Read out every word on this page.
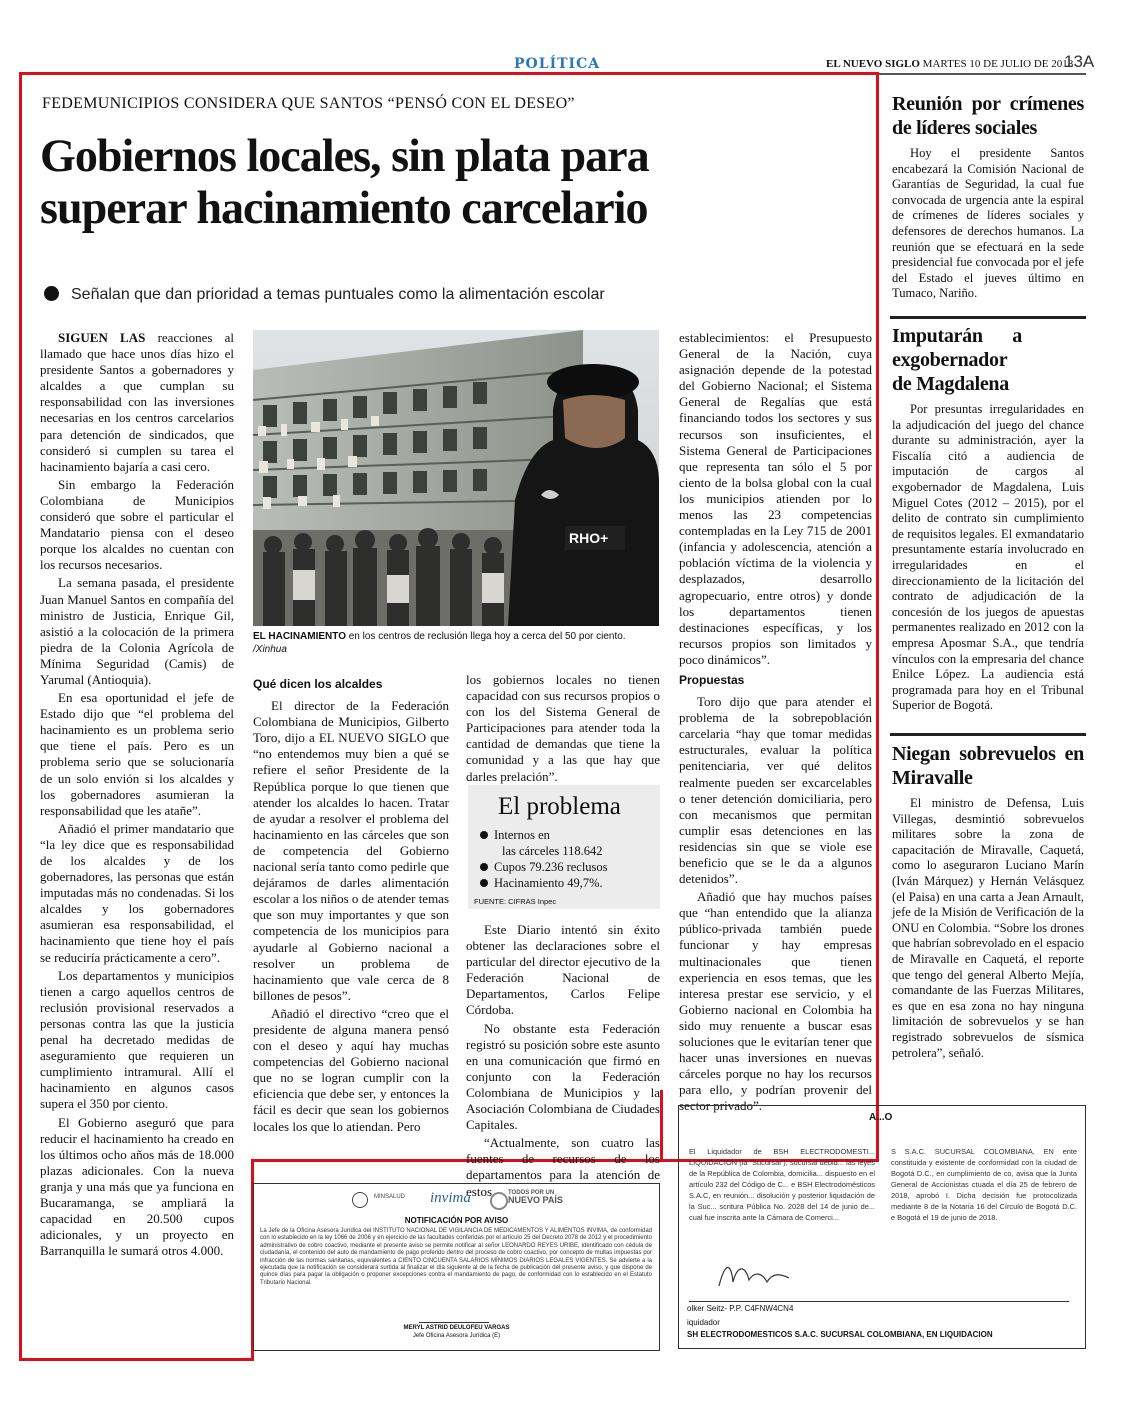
POLÍTICA	EL NUEVO SIGLO MARTES 10 DE JULIO DE 2018
13A
FEDEMUNICIPIOS CONSIDERA QUE SANTOS “PENSÓ CON EL DESEO”
Gobiernos locales, sin plata para
superar hacinamiento carcelario
Señalan que dan prioridad a temas puntuales como la alimentación escolar

SIGUEN LAS reacciones al llamado que hace unos días hizo el presidente Santos a gobernadores y alcaldes a que cumplan su responsabilidad con las inversiones necesarias en los centros carcelarios para detención de sindicados, que consideró si cumplen su tarea el hacinamiento bajaría a casi cero.

Sin embargo la Federación Colombiana de Municipios consideró que sobre el particular el Mandatario piensa con el deseo porque los alcaldes no cuentan con los recursos necesarios.

La semana pasada, el presidente Juan Manuel Santos en compañía del ministro de Justicia, Enrique Gil, asistió a la colocación de la primera piedra de la Colonia Agrícola de Mínima Seguridad (Camis) de Yarumal (Antioquia).

En esa oportunidad el jefe de Estado dijo que “el problema del hacinamiento es un problema serio que tiene el país. Pero es un problema serio que se solucionaría de un solo envión si los alcaldes y los gobernadores asumieran la responsabilidad que les atañe”.

Añadió el primer mandatario que “la ley dice que es responsabilidad de los alcaldes y de los gobernadores, las personas que están imputadas más no condenadas. Si los alcaldes y los gobernadores asumieran esa responsabilidad, el hacinamiento que tiene hoy el país se reduciría prácticamente a cero”.

Los departamentos y municipios tienen a cargo aquellos centros de reclusión provisional reservados a personas contra las que la justicia penal ha decretado medidas de aseguramiento que requieren un cumplimiento intramural. Allí el hacinamiento en algunos casos supera el 350 por ciento.

El Gobierno aseguró que para reducir el hacinamiento ha creado en los últimos ocho años más de 18.000 plazas adicionales. Con la nueva granja y una más que ya funciona en Bucaramanga, se ampliará la capacidad en 20.500 cupos adicionales, y un proyecto en Barranquilla le sumará otros 4.000.

RHO+
EL HACINAMIENTO en los centros de reclusión llega hoy a cerca del 50 por ciento. /Xinhua
Qué dicen los alcaldes

El director de la Federación Colombiana de Municipios, Gilberto Toro, dijo a EL NUEVO SIGLO que “no entendemos muy bien a qué se refiere el señor Presidente de la República porque lo que tienen que atender los alcaldes lo hacen. Tratar de ayudar a resolver el problema del hacinamiento en las cárceles que son de competencia del Gobierno nacional sería tanto como pedirle que dejáramos de darles alimentación escolar a los niños o de atender temas que son muy importantes y que son competencia de los municipios para ayudarle al Gobierno nacional a resolver un problema de hacinamiento que vale cerca de 8 billones de pesos”.

Añadió el directivo “creo que el presidente de alguna manera pensó con el deseo y aquí hay muchas competencias del Gobierno nacional que no se logran cumplir con la eficiencia que debe ser, y entonces la fácil es decir que sean los gobiernos locales los que lo atiendan. Pero

los gobiernos locales no tienen capacidad con sus recursos propios o con los del Sistema General de Participaciones para atender toda la cantidad de demandas que tiene la comunidad y a las que hay que darles prelación”.

El problema
Internos en
las cárceles 118.642
Cupos 79.236 reclusos
Hacinamiento 49,7%.
FUENTE: CIFRAS Inpec

Este Diario intentó sin éxito obtener las declaraciones sobre el particular del director ejecutivo de la Federación Nacional de Departamentos, Carlos Felipe Córdoba.

No obstante esta Federación registró su posición sobre este asunto en una comunicación que firmó en conjunto con la Federación Colombiana de Municipios y la Asociación Colombiana de Ciudades Capitales.

“Actualmente, son cuatro las fuentes de recursos de los departamentos para la atención de estos

establecimientos: el Presupuesto General de la Nación, cuya asignación depende de la potestad del Gobierno Nacional; el Sistema General de Regalías que está financiando todos los sectores y sus recursos son insuficientes, el Sistema General de Participaciones que representa tan sólo el 5 por ciento de la bolsa global con la cual los municipios atienden por lo menos las 23 competencias contempladas en la Ley 715 de 2001 (infancia y adolescencia, atención a población víctima de la violencia y desplazados, desarrollo agropecuario, entre otros) y donde los departamentos tienen destinaciones específicas, y los recursos propios son limitados y poco dinámicos”.

Propuestas

Toro dijo que para atender el problema de la sobrepoblación carcelaria “hay que tomar medidas estructurales, evaluar la política penitenciaria, ver qué delitos realmente pueden ser excarcelables o tener detención domiciliaria, pero con mecanismos que permitan cumplir esas detenciones en las residencias sin que se viole ese beneficio que se le da a algunos detenidos”.

Añadió que hay muchos países que “han entendido que la alianza público-privada también puede funcionar y hay empresas multinacionales que tienen experiencia en esos temas, que les interesa prestar ese servicio, y el Gobierno nacional en Colombia ha sido muy renuente a buscar esas soluciones que le evitarían tener que hacer unas inversiones en nuevas cárceles porque no hay los recursos para ello, y podrían provenir del sector privado”.

Reunión por crímenes de líderes sociales

Hoy el presidente Santos encabezará la Comisión Nacional de Garantías de Seguridad, la cual fue convocada de urgencia ante la espiral de crímenes de líderes sociales y defensores de derechos humanos. La reunión que se efectuará en la sede presidencial fue convocada por el jefe del Estado el jueves último en Tumaco, Nariño.

Imputarán a exgobernador de Magdalena

Por presuntas irregularidades en la adjudicación del juego del chance durante su administración, ayer la Fiscalía citó a audiencia de imputación de cargos al exgobernador de Magdalena, Luis Miguel Cotes (2012 – 2015), por el delito de contrato sin cumplimiento de requisitos legales. El exmandatario presuntamente estaría involucrado en irregularidades en el direccionamiento de la licitación del contrato de adjudicación de la concesión de los juegos de apuestas permanentes realizado en 2012 con la empresa Aposmar S.A., que tendría vínculos con la empresaria del chance Enilce López. La audiencia está programada para hoy en el Tribunal Superior de Bogotá.

Niegan sobrevuelos en Miravalle

El ministro de Defensa, Luis Villegas, desmintió sobrevuelos militares sobre la zona de capacitación de Miravalle, Caquetá, como lo aseguraron Luciano Marín (Iván Márquez) y Hernán Velásquez (el Paisa) en una carta a Jean Arnault, jefe de la Misión de Verificación de la ONU en Colombia. “Sobre los drones que habrían sobrevolado en el espacio de Miravalle en Caquetá, el reporte que tengo del general Alberto Mejía, comandante de las Fuerzas Militares, es que en esa zona no hay ninguna limitación de sobrevuelos y se han registrado sobrevuelos de sísmica petrolera”, señaló.

MINSALUD invima	TODOS POR UN
NUEVO PAÍS
NOTIFICACIÓN POR AVISO
La Jefe de la Oficina Asesora Jurídica del INSTITUTO NACIONAL DE VIGILANCIA DE MEDICAMENTOS Y ALIMENTOS INVIMA, de conformidad con lo establecido en la ley 1066 de 2006 y en ejercicio de las facultades conferidas por el artículo 25 del Decreto 2078 de 2012 y el procedimiento administrativo de cobro coactivo, mediante el presente aviso se permite notificar al señor LEONARDO REYES URIBE, identificado con cédula de ciudadanía, el contenido del auto de mandamiento de pago proferido dentro del proceso de cobro coactivo, por concepto de multas impuestas por infracción de las normas sanitarias, equivalentes a CIENTO CINCUENTA SALARIOS MÍNIMOS DIARIOS LEGALES VIGENTES. Se advierte a la ejecutada que la notificación se considerará surtida al finalizar el día siguiente al de la fecha de publicación del presente aviso, y que dispone de quince días para pagar la obligación o proponer excepciones contra el mandamiento de pago, de conformidad con lo establecido en el Estatuto Tributario Nacional.
MERYL ASTRID DEULOFEU VARGAS
Jefe Oficina Asesora Jurídica (E)
A...O
El Liquidador de BSH ELECTRODOMESTI... LIQUIDACION (la “Sucursal”), sucursal debid... las leyes de la República de Colombia, domicilia... dispuesto en el artículo 232 del Código de C... e BSH Electrodomésticos S.A.C, en reunión... disolución y posterior liquidación de la Suc... scritura Pública No. 2028 del 14 de junio de... cual fue inscrita ante la Cámara de Comerci...
S S.A.C. SUCURSAL COLOMBIANA, EN ente constituida y existente de conformidad con la ciudad de Bogotá D.C., en cumplimiento de co, avisa que la Junta General de Accionistas ctuada el día 25 de febrero de 2018, aprobó I. Dicha decisión fue protocolizada mediante 8 de la Notaría 16 del Círculo de Bogotá D.C. e Bogotá el 19 de junio de 2018.
olker Seitz- P.P. C4FNW4CN4
iquidador
SH ELECTRODOMESTICOS S.A.C. SUCURSAL COLOMBIANA, EN LIQUIDACION
